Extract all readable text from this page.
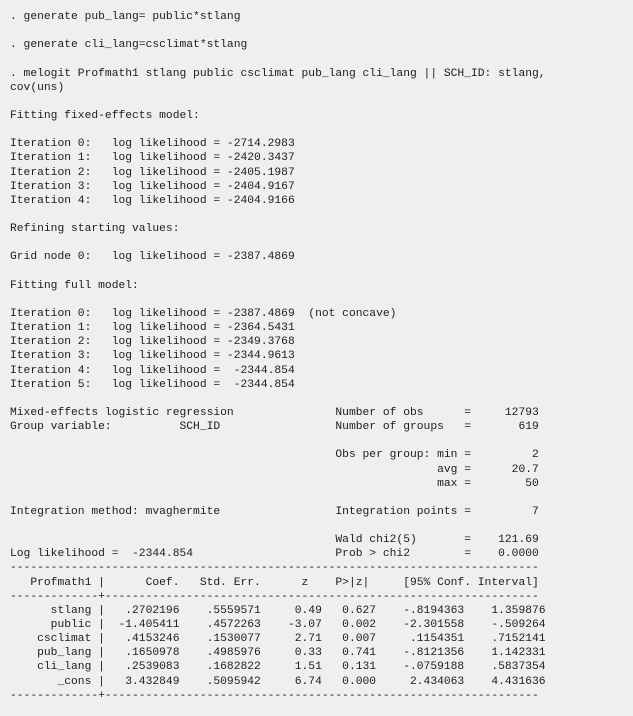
. generate pub_lang= public*stlang
. generate cli_lang=csclimat*stlang
. melogit Profmath1 stlang public csclimat pub_lang cli_lang || SCH_ID: stlang,
cov(uns)
Fitting fixed-effects model:
Iteration 0:   log likelihood = -2714.2983
Iteration 1:   log likelihood = -2420.3437
Iteration 2:   log likelihood = -2405.1987
Iteration 3:   log likelihood = -2404.9167
Iteration 4:   log likelihood = -2404.9166
Refining starting values:
Grid node 0:   log likelihood = -2387.4869
Fitting full model:
Iteration 0:   log likelihood = -2387.4869  (not concave)
Iteration 1:   log likelihood = -2364.5431
Iteration 2:   log likelihood = -2349.3768
Iteration 3:   log likelihood = -2344.9613
Iteration 4:   log likelihood =  -2344.854
Iteration 5:   log likelihood =  -2344.854
Mixed-effects logistic regression               Number of obs      =     12793
Group variable:          SCH_ID                 Number of groups   =       619
Obs per group: min =         2
avg =      20.7
max =        50
Integration method: mvaghermite                 Integration points =         7
Wald chi2(5)       =    121.69
Log likelihood =  -2344.854                     Prob > chi2        =    0.0000
------------------------------------------------------------------------------
Profmath1 |      Coef.   Std. Err.      z    P>|z|     [95% Conf. Interval]
-------------+----------------------------------------------------------------
stlang |   .2702196    .5559571     0.49   0.627    -.8194363    1.359876
public |  -1.405411    .4572263    -3.07   0.002    -2.301558    -.509264
csclimat |   .4153246    .1530077     2.71   0.007     .1154351    .7152141
pub_lang |   .1650978    .4985976     0.33   0.741    -.8121356    1.142331
cli_lang |   .2539083    .1682822     1.51   0.131    -.0759188    .5837354
_cons |   3.432849    .5095942     6.74   0.000     2.434063    4.431636
-------------+----------------------------------------------------------------
